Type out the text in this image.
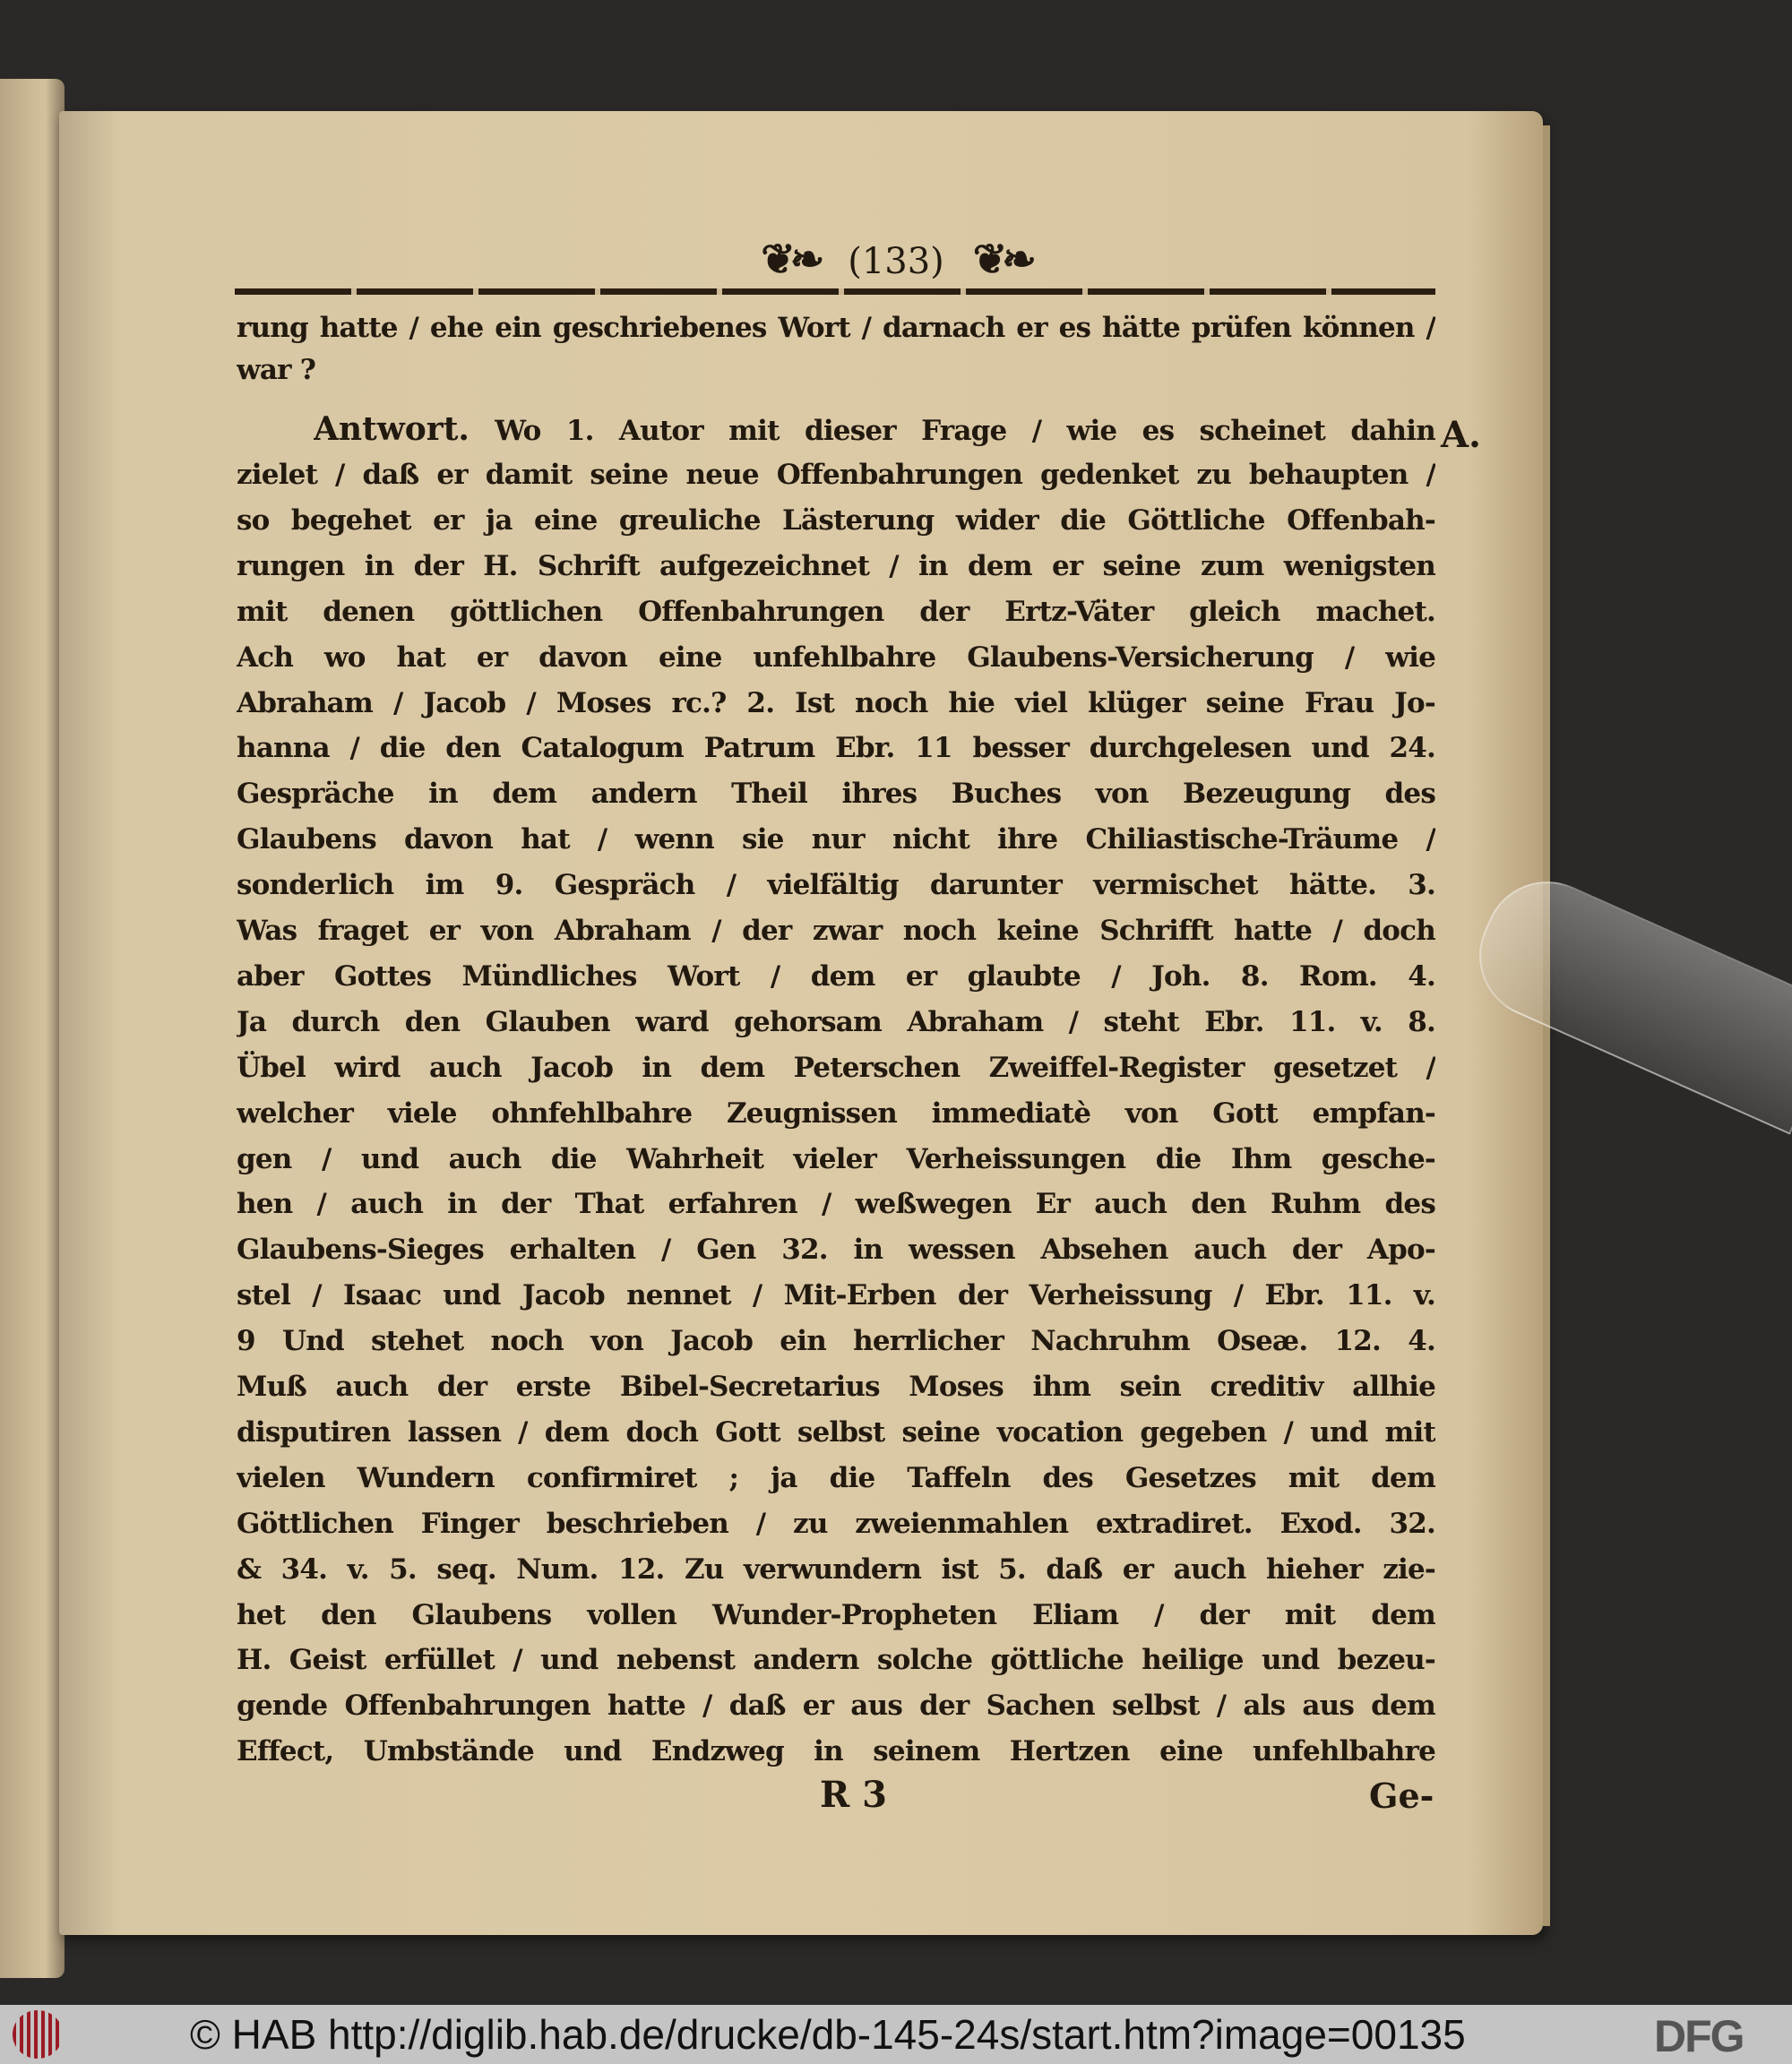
❦❧ (133) ❦❧
rung hatte / ehe ein geschriebenes Wort / darnach er es hätte prüfen können /
war ?
Antwort. Wo 1. Autor mit dieser Frage / wie es scheinet dahin A.
zielet / daß er damit seine neue Offenbahrungen gedenket zu behaupten /
so begehet er ja eine greuliche Lästerung wider die Göttliche Offenbah-
rungen in der H. Schrift aufgezeichnet / in dem er seine zum wenigsten
mit denen göttlichen Offenbahrungen der Ertz-Väter gleich machet.
Ach wo hat er davon eine unfehlbahre Glaubens-Versicherung / wie
Abraham / Jacob / Moses rc.? 2. Ist noch hie viel klüger seine Frau Jo-
hanna / die den Catalogum Patrum Ebr. 11 besser durchgelesen und 24.
Gespräche in dem andern Theil ihres Buches von Bezeugung des
Glaubens davon hat / wenn sie nur nicht ihre Chiliastische-Träume /
sonderlich im 9. Gespräch / vielfältig darunter vermischet hätte. 3.
Was fraget er von Abraham / der zwar noch keine Schrifft hatte / doch
aber Gottes Mündliches Wort / dem er glaubte / Joh. 8. Rom. 4.
Ja durch den Glauben ward gehorsam Abraham / steht Ebr. 11. v. 8.
Übel wird auch Jacob in dem Peterschen Zweiffel-Register gesetzet /
welcher viele ohnfehlbahre Zeugnissen immediatè von Gott empfan-
gen / und auch die Wahrheit vieler Verheissungen die Ihm gesche-
hen / auch in der That erfahren / weßwegen Er auch den Ruhm des
Glaubens-Sieges erhalten / Gen 32. in wessen Absehen auch der Apo-
stel / Isaac und Jacob nennet / Mit-Erben der Verheissung / Ebr. 11. v.
9 Und stehet noch von Jacob ein herrlicher Nachruhm Oseæ. 12. 4.
Muß auch der erste Bibel-Secretarius Moses ihm sein creditiv allhie
disputiren lassen / dem doch Gott selbst seine vocation gegeben / und mit
vielen Wundern confirmiret ; ja die Taffeln des Gesetzes mit dem
Göttlichen Finger beschrieben / zu zweienmahlen extradiret. Exod. 32.
& 34. v. 5. seq. Num. 12. Zu verwundern ist 5. daß er auch hieher zie-
het den Glaubens vollen Wunder-Propheten Eliam / der mit dem
H. Geist erfüllet / und nebenst andern solche göttliche heilige und bezeu-
gende Offenbahrungen hatte / daß er aus der Sachen selbst / als aus dem
Effect, Umbstände und Endzweg in seinem Hertzen eine unfehlbahre
R 3	Ge-
© HAB http://diglib.hab.de/drucke/db-145-24s/start.htm?image=00135	DFG
